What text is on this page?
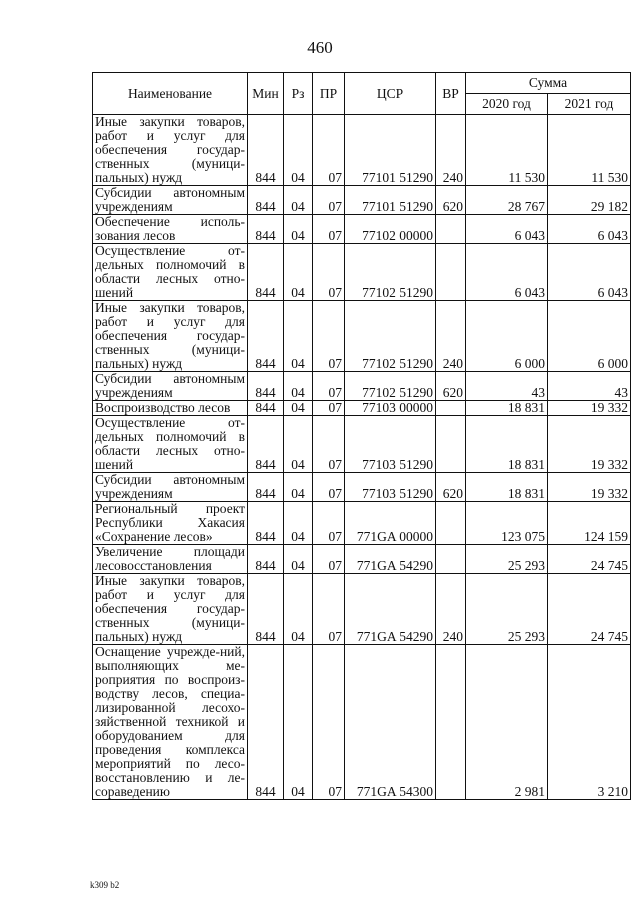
460
Наименование	Мин	Рз	ПР	ЦСР	ВР	Сумма	
						2020 год	2021 год
Иные закупки товаров, работ и услуг для обеспечения государ-ственных (муници-пальных) нужд	844	04	07	77101 51290	240	11 530	11 530
Субсидии автономным учреждениям	844	04	07	77101 51290	620	28 767	29 182
Обеспечение исполь-зования лесов	844	04	07	77102 00000		6 043	6 043
Осуществление от-дельных полномочий в области лесных отно-шений	844	04	07	77102 51290		6 043	6 043
Иные закупки товаров, работ и услуг для обеспечения государ-ственных (муници-пальных) нужд	844	04	07	77102 51290	240	6 000	6 000
Субсидии автономным учреждениям	844	04	07	77102 51290	620	43	43
Воспроизводство лесов	844	04	07	77103 00000		18 831	19 332
Осуществление от-дельных полномочий в области лесных отно-шений	844	04	07	77103 51290		18 831	19 332
Субсидии автономным учреждениям	844	04	07	77103 51290	620	18 831	19 332
Региональный проект Республики Хакасия «Сохранение лесов»	844	04	07	771GA 00000		123 075	124 159
Увеличение площади лесовосстановления	844	04	07	771GA 54290		25 293	24 745
Иные закупки товаров, работ и услуг для обеспечения государ-ственных (муници-пальных) нужд	844	04	07	771GA 54290	240	25 293	24 745
Оснащение учрежде-ний, выполняющих ме-роприятия по воспроиз-водству лесов, специа-лизированной лесохо-зяйственной техникой и оборудованием для проведения комплекса мероприятий по лесо-восстановлению и ле-сораведению	844	04	07	771GA 54300		2 981	3 210
k309 b2
